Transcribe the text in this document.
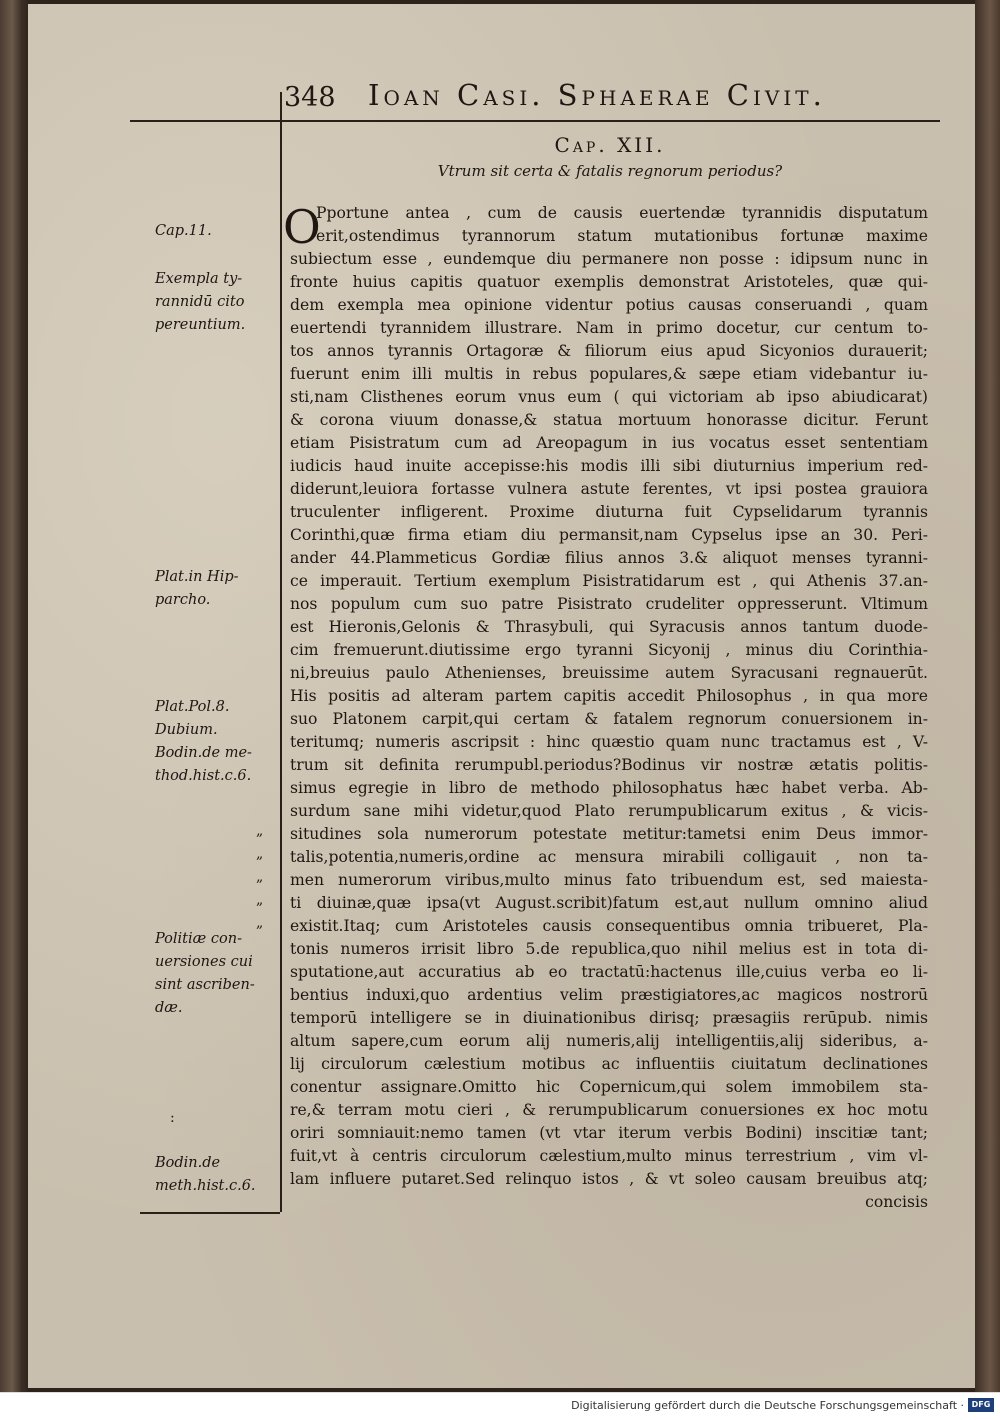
348 Ioan Casi. Sphaerae Civit.
Cap. XII.
Vtrum sit certa & fatalis regnorum periodus?
O
Pportune antea , cum de causis euertendæ tyrannidis disputatum
erit,ostendimus tyrannorum statum mutationibus fortunæ maxime
subiectum esse , eundemque diu permanere non posse : idipsum nunc in
fronte huius capitis quatuor exemplis demonstrat Aristoteles, quæ qui-
dem exempla mea opinione videntur potius causas conseruandi , quam
euertendi tyrannidem illustrare. Nam in primo docetur, cur centum to-
tos annos tyrannis Ortagoræ & filiorum eius apud Sicyonios durauerit;
fuerunt enim illi multis in rebus populares,& sæpe etiam videbantur iu-
sti,nam Clisthenes eorum vnus eum ( qui victoriam ab ipso abiudicarat)
& corona viuum donasse,& statua mortuum honorasse dicitur. Ferunt
etiam Pisistratum cum ad Areopagum in ius vocatus esset sententiam
iudicis haud inuite accepisse:his modis illi sibi diuturnius imperium red-
diderunt,leuiora fortasse vulnera astute ferentes, vt ipsi postea grauiora
truculenter infligerent. Proxime diuturna fuit Cypselidarum tyrannis
Corinthi,quæ firma etiam diu permansit,nam Cypselus ipse an 30. Peri-
ander 44.Plammeticus Gordiæ filius annos 3.& aliquot menses tyranni-
ce imperauit. Tertium exemplum Pisistratidarum est , qui Athenis 37.an-
nos populum cum suo patre Pisistrato crudeliter oppresserunt. Vltimum
est Hieronis,Gelonis & Thrasybuli, qui Syracusis annos tantum duode-
cim fremuerunt.diutissime ergo tyranni Sicyonij , minus diu Corinthia-
ni,breuius paulo Athenienses, breuissime autem Syracusani regnauerūt.
His positis ad alteram partem capitis accedit Philosophus , in qua more
suo Platonem carpit,qui certam & fatalem regnorum conuersionem in-
teritumq; numeris ascripsit : hinc quæstio quam nunc tractamus est , V-
trum sit definita rerumpubl.periodus?Bodinus vir nostræ ætatis politis-
simus egregie in libro de methodo philosophatus hæc habet verba. Ab-
surdum sane mihi videtur,quod Plato rerumpublicarum exitus , & vicis-
situdines sola numerorum potestate metitur:tametsi enim Deus immor-
talis,potentia,numeris,ordine ac mensura mirabili colligauit , non ta-
men numerorum viribus,multo minus fato tribuendum est, sed maiesta-
ti diuinæ,quæ ipsa(vt August.scribit)fatum est,aut nullum omnino aliud
existit.Itaq; cum Aristoteles causis consequentibus omnia tribueret, Pla-
tonis numeros irrisit libro 5.de republica,quo nihil melius est in tota di-
sputatione,aut accuratius ab eo tractatū:hactenus ille,cuius verba eo li-
bentius induxi,quo ardentius velim præstigiatores,ac magicos nostrorū
temporū intelligere se in diuinationibus dirisq; præsagiis rerūpub. nimis
altum sapere,cum eorum alij numeris,alij intelligentiis,alij sideribus, a-
lij circulorum cælestium motibus ac influentiis ciuitatum declinationes
conentur assignare.Omitto hic Copernicum,qui solem immobilem sta-
re,& terram motu cieri , & rerumpublicarum conuersiones ex hoc motu
oriri somniauit:nemo tamen (vt vtar iterum verbis Bodini) inscitiæ tant;
fuit,vt à centris circulorum cælestium,multo minus terrestrium , vim vl-
lam influere putaret.Sed relinquo istos , & vt soleo causam breuibus atq;
concisis
Cap.11.
Exempla ty- rannidū cito pereuntium.
Plat.in Hip- parcho.
Plat.Pol.8. Dubium. Bodin.de me- thod.hist.c.6.
Politiæ con- uersiones cui sint ascriben- dæ.
Bodin.de meth.hist.c.6.
„
„
„
„
„
:
Digitalisierung gefördert durch die Deutsche Forschungsgemeinschaft · DFG
